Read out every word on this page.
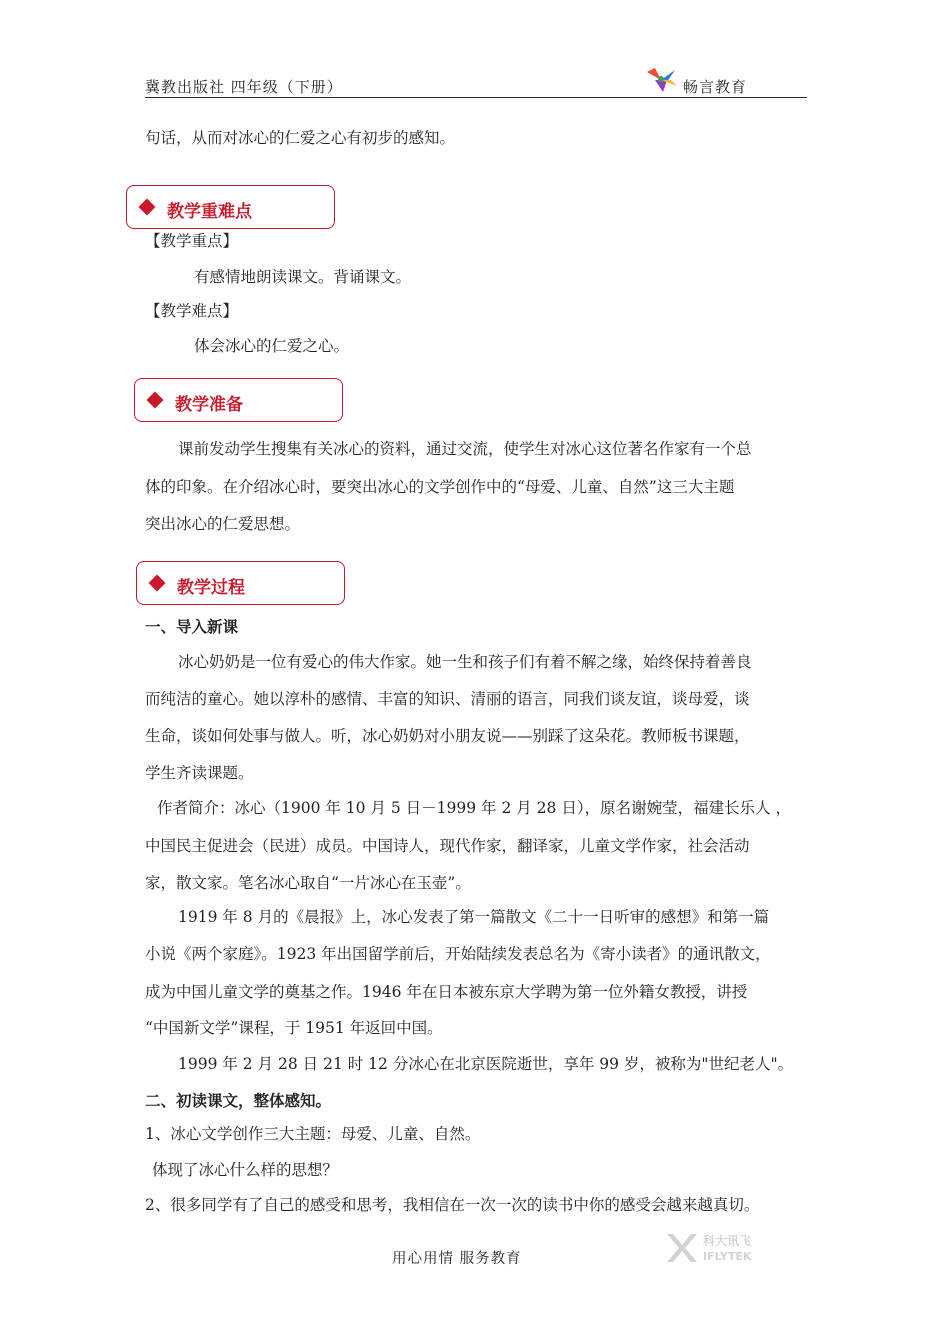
冀教出版社 四年级（下册）	畅言教育
句话，从而对冰心的仁爱之心有初步的感知。
教学重难点
【教学重点】
有感情地朗读课文。背诵课文。
【教学难点】
体会冰心的仁爱之心。
教学准备
课前发动学生搜集有关冰心的资料，通过交流，使学生对冰心这位著名作家有一个总
体的印象。在介绍冰心时，要突出冰心的文学创作中的“母爱、儿童、自然”这三大主题
突出冰心的仁爱思想。
教学过程
一、导入新课
冰心奶奶是一位有爱心的伟大作家。她一生和孩子们有着不解之缘，始终保持着善良
而纯洁的童心。她以淳朴的感情、丰富的知识、清丽的语言，同我们谈友谊，谈母爱，谈
生命，谈如何处事与做人。听，冰心奶奶对小朋友说——别踩了这朵花。教师板书课题，
学生齐读课题。
作者简介：冰心（1900 年 10 月 5 日－1999 年 2 月 28 日），原名谢婉莹，福建长乐人 ，
中国民主促进会（民进）成员。中国诗人，现代作家，翻译家，儿童文学作家，社会活动
家，散文家。笔名冰心取自“一片冰心在玉壶”。
1919 年 8 月的《晨报》上，冰心发表了第一篇散文《二十一日听审的感想》和第一篇
小说《两个家庭》。1923 年出国留学前后，开始陆续发表总名为《寄小读者》的通讯散文，
成为中国儿童文学的奠基之作。1946 年在日本被东京大学聘为第一位外籍女教授，讲授
“中国新文学”课程，于 1951 年返回中国。
1999 年 2 月 28 日 21 时 12 分冰心在北京医院逝世，享年 99 岁，被称为"世纪老人"。
二、初读课文，整体感知。
1、冰心文学创作三大主题：母爱、儿童、自然。
体现了冰心什么样的思想？
2、很多同学有了自己的感受和思考，我相信在一次一次的读书中你的感受会越来越真切。
用心用情 服务教育
科大讯飞
IFLYTEK
